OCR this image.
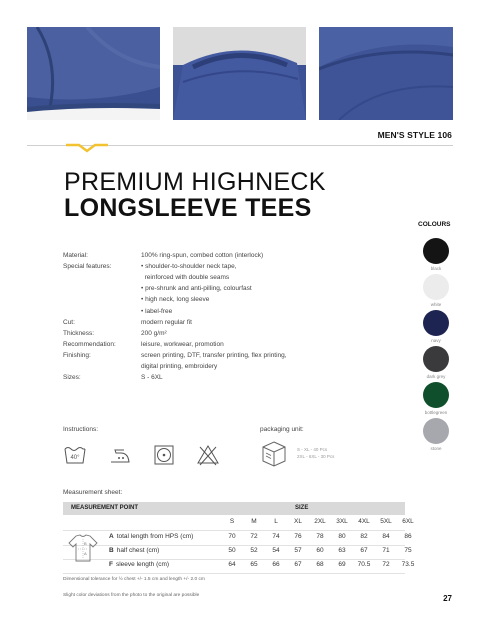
MEN'S STYLE 106
PREMIUM HIGHNECK
LONGSLEEVE TEES
COLOURS
black
white
navy
dark grey
bottlegreen
stone
Material:	100% ring-spun, combed cotton (interlock)
Special features:	• shoulder-to-shoulder neck tape,
reinforced with double seams
• pre-shrunk and anti-pilling, colourfast
• high neck, long sleeve
• label-free
Cut:	modern regular fit
Thickness:	200 g/m²
Recommendation:	leisure, workwear, promotion
Finishing:	screen printing, DTF, transfer printing, flex printing,
digital printing, embroidery
Sizes:	S - 6XL
Instructions:
40°
packaging unit:
S - XL - 40 Pcs
2XL - 6XL - 30 Pcs
Measurement sheet:
MEASUREMENT POINT	SIZE
S	M	L	XL	2XL	3XL	4XL	5XL	6XL
A total length from HPS (cm)	70	72	74	76	78	80	82	84	86
B half chest (cm)	50	52	54	57	60	63	67	71	75
F sleeve length (cm)	64	65	66	67	68	69	70.5	72	73.5
B
A
Dimensional tolerance for ½ chest +/- 1.5 cm and length +/- 2.0 cm
Slight color deviations from the photo to the original are possible	27
